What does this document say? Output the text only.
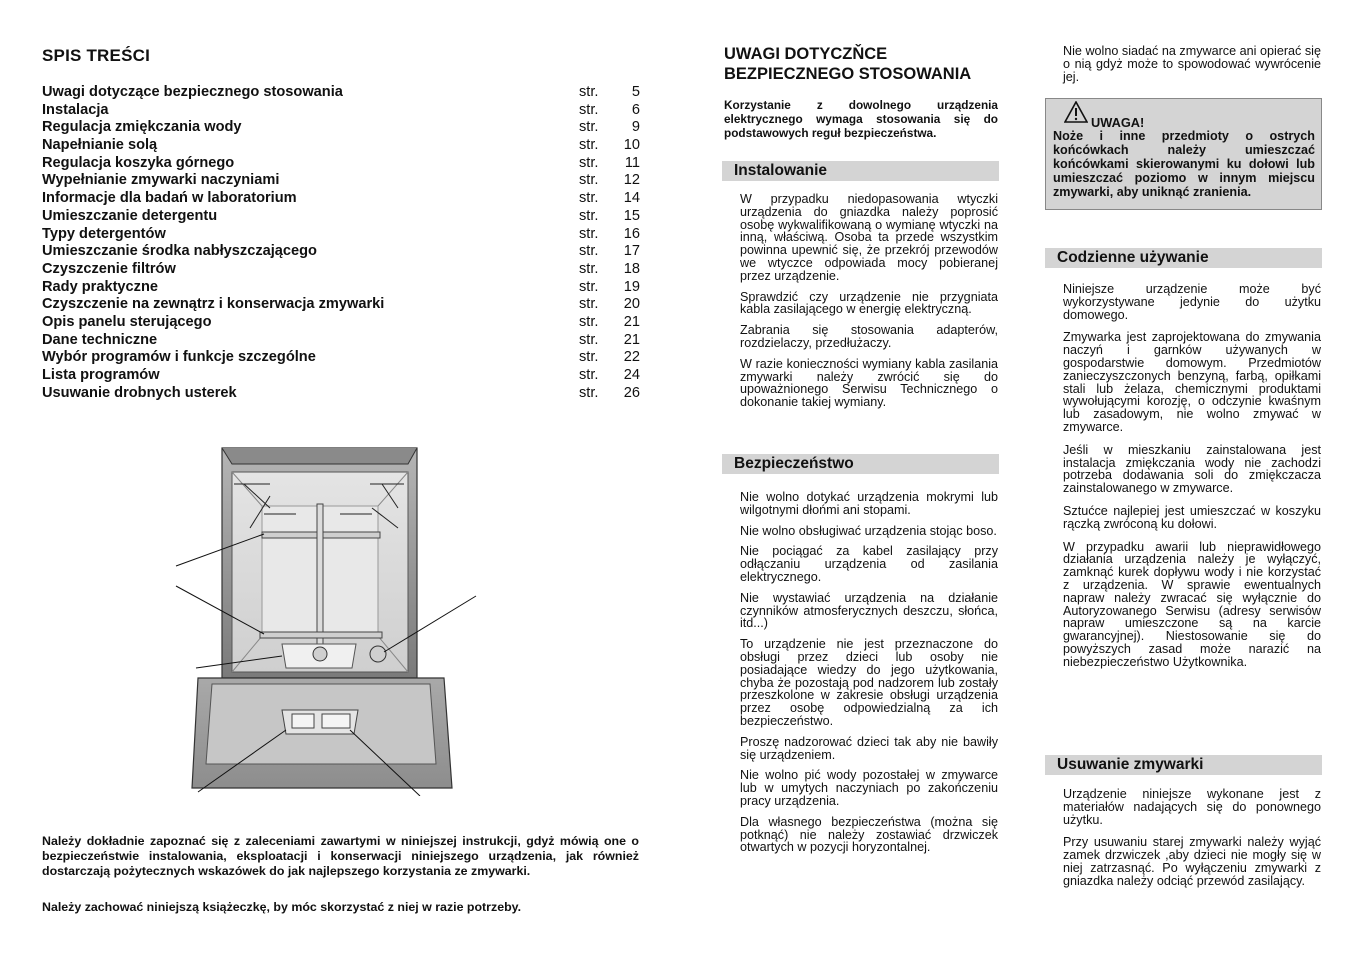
SPIS TREŚCI
Uwagi dotyczące bezpiecznego stosowania	str. 5
Instalacja	str. 6
Regulacja zmiękczania wody	str. 9
Napełnianie solą	str. 10
Regulacja koszyka górnego	str. 11
Wypełnianie zmywarki naczyniami	str. 12
Informacje dla badań w laboratorium	str. 14
Umieszczanie detergentu	str. 15
Typy detergentów	str. 16
Umieszczanie środka nabłyszczającego	str. 17
Czyszczenie filtrów	str. 18
Rady praktyczne	str. 19
Czyszczenie na zewnątrz i konserwacja zmywarki	str. 20
Opis panelu sterującego	str. 21
Dane techniczne	str. 21
Wybór programów i funkcje szczególne	str. 22
Lista programów	str. 24
Usuwanie drobnych usterek	str. 26
Należy dokładnie zapoznać się z zaleceniami zawartymi w niniejszej instrukcji, gdyż mówią one o bezpieczeństwie instalowania, eksploatacji i konserwacji niniejszego urządzenia, jak również dostarczają pożytecznych wskazówek do jak najlepszego korzystania ze zmywarki.
Należy zachować niniejszą książeczkę, by móc skorzystać z niej w razie potrzeby.
UWAGI DOTYCZŇCE BEZPIECZNEGO STOSOWANIA
Korzystanie z dowolnego urządzenia elektrycznego wymaga stosowania się do podstawowych reguł bezpieczeństwa.
Instalowanie

W przypadku niedopasowania wtyczki urządzenia do gniazdka należy poprosić osobę wykwalifikowaną o wymianę wtyczki na inną, właściwą. Osoba ta przede wszystkim powinna upewnić się, że przekrój przewodów we wtyczce odpowiada mocy pobieranej przez urządzenie.

Sprawdzić czy urządzenie nie przygniata kabla zasilającego w energię elektryczną.

Zabrania się stosowania adapterów, rozdzielaczy, przedłużaczy.

W razie konieczności wymiany kabla zasilania zmywarki należy zwrócić się do upoważnionego Serwisu Technicznego o dokonanie takiej wymiany.

Bezpieczeństwo

Nie wolno dotykać urządzenia mokrymi lub wilgotnymi dłońmi ani stopami.

Nie wolno obsługiwać urządzenia stojąc boso.

Nie pociągać za kabel zasilający przy odłączaniu urządzenia od zasilania elektrycznego.

Nie wystawiać urządzenia na działanie czynników atmosferycznych deszczu, słońca, itd...)

To urządzenie nie jest przeznaczone do obsługi przez dzieci lub osoby nie posiadające wiedzy do jego użytkowania, chyba że pozostają pod nadzorem lub zostały przeszkolone w zakresie obsługi urządzenia przez osobę odpowiedzialną za ich bezpieczeństwo.

Proszę nadzorować dzieci tak aby nie bawiły się urządzeniem.

Nie wolno pić wody pozostałej w zmywarce lub w umytych naczyniach po zakończeniu pracy urządzenia.

Dla własnego bezpieczeństwa (można się potknąć) nie należy zostawiać drzwiczek otwartych w pozycji horyzontalnej.

Nie wolno siadać na zmywarce ani opierać się o nią gdyż może to spowodować wywrócenie jej.
UWAGA!
Noże i inne przedmioty o ostrych końcówkach należy umieszczać końcówkami skierowanymi ku dołowi lub umieszczać poziomo w innym miejscu zmywarki, aby uniknąć zranienia.
Codzienne używanie

Niniejsze urządzenie może być wykorzystywane jedynie do użytku domowego.

Zmywarka jest zaprojektowana do zmywania naczyń i garnków używanych w gospodarstwie domowym. Przedmiotów zanieczyszczonych benzyną, farbą, opiłkami stali lub żelaza, chemicznymi produktami wywołującymi korozję, o odczynie kwaśnym lub zasadowym, nie wolno zmywać w zmywarce.

Jeśli w mieszkaniu zainstalowana jest instalacja zmiękczania wody nie zachodzi potrzeba dodawania soli do zmiękczacza zainstalowanego w zmywarce.

Sztućce najlepiej jest umieszczać w koszyku rączką zwróconą ku dołowi.

W przypadku awarii lub nieprawidłowego działania urządzenia należy je wyłączyć, zamknąć kurek dopływu wody i nie korzystać z urządzenia. W sprawie ewentualnych napraw należy zwracać się wyłącznie do Autoryzowanego Serwisu (adresy serwisów napraw umieszczone są na karcie gwarancyjnej). Niestosowanie się do powyższych zasad może narazić na niebezpieczeństwo Użytkownika.

Usuwanie zmywarki

Urządzenie niniejsze wykonane jest z materiałów nadających się do ponownego użytku.

Przy usuwaniu starej zmywarki należy wyjąć zamek drzwiczek ,aby dzieci nie mogły się w niej zatrzasnąć. Po wyłączeniu zmywarki z gniazdka należy odciąć przewód zasilający.
